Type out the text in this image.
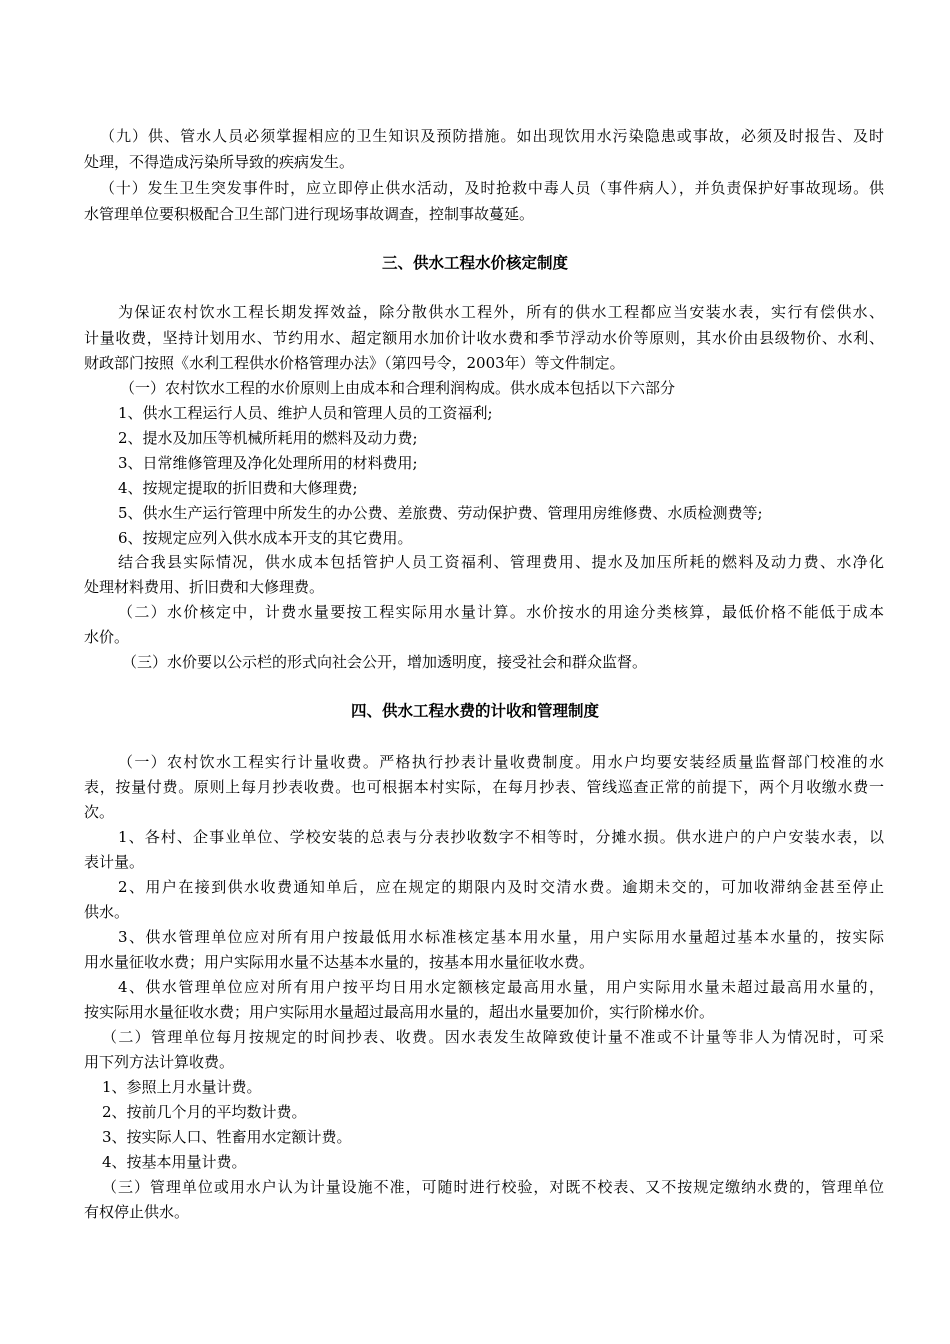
（九）供、管水人员必须掌握相应的卫生知识及预防措施。如出现饮用水污染隐患或事故，必须及时报告、及时
处理，不得造成污染所导致的疾病发生。
（十）发生卫生突发事件时，应立即停止供水活动，及时抢救中毒人员（事件病人），并负责保护好事故现场。供
水管理单位要积极配合卫生部门进行现场事故调查，控制事故蔓延。
三、供水工程水价核定制度
为保证农村饮水工程长期发挥效益，除分散供水工程外，所有的供水工程都应当安装水表，实行有偿供水、
计量收费，坚持计划用水、节约用水、超定额用水加价计收水费和季节浮动水价等原则，其水价由县级物价、水利、
财政部门按照《水利工程供水价格管理办法》（第四号令，2003年）等文件制定。
（一）农村饮水工程的水价原则上由成本和合理利润构成。供水成本包括以下六部分
1、供水工程运行人员、维护人员和管理人员的工资福利;
2、提水及加压等机械所耗用的燃料及动力费;
3、日常维修管理及净化处理所用的材料费用;
4、按规定提取的折旧费和大修理费;
5、供水生产运行管理中所发生的办公费、差旅费、劳动保护费、管理用房维修费、水质检测费等;
6、按规定应列入供水成本开支的其它费用。
结合我县实际情况，供水成本包括管护人员工资福利、管理费用、提水及加压所耗的燃料及动力费、水净化
处理材料费用、折旧费和大修理费。
（二）水价核定中，计费水量要按工程实际用水量计算。水价按水的用途分类核算，最低价格不能低于成本
水价。
（三）水价要以公示栏的形式向社会公开，增加透明度，接受社会和群众监督。
四、供水工程水费的计收和管理制度
（一）农村饮水工程实行计量收费。严格执行抄表计量收费制度。用水户均要安装经质量监督部门校准的水
表，按量付费。原则上每月抄表收费。也可根据本村实际，在每月抄表、管线巡查正常的前提下，两个月收缴水费一
次。
1、各村、企事业单位、学校安装的总表与分表抄收数字不相等时，分摊水损。供水进户的户户安装水表，以
表计量。
2、用户在接到供水收费通知单后，应在规定的期限内及时交清水费。逾期未交的，可加收滞纳金甚至停止
供水。
3、供水管理单位应对所有用户按最低用水标准核定基本用水量，用户实际用水量超过基本水量的，按实际
用水量征收水费；用户实际用水量不达基本水量的，按基本用水量征收水费。
4、供水管理单位应对所有用户按平均日用水定额核定最高用水量，用户实际用水量未超过最高用水量的，
按实际用水量征收水费；用户实际用水量超过最高用水量的，超出水量要加价，实行阶梯水价。
（二）管理单位每月按规定的时间抄表、收费。因水表发生故障致使计量不准或不计量等非人为情况时，可采
用下列方法计算收费。
1、参照上月水量计费。
2、按前几个月的平均数计费。
3、按实际人口、牲畜用水定额计费。
4、按基本用量计费。
（三）管理单位或用水户认为计量设施不准，可随时进行校验，对既不校表、又不按规定缴纳水费的，管理单位
有权停止供水。
